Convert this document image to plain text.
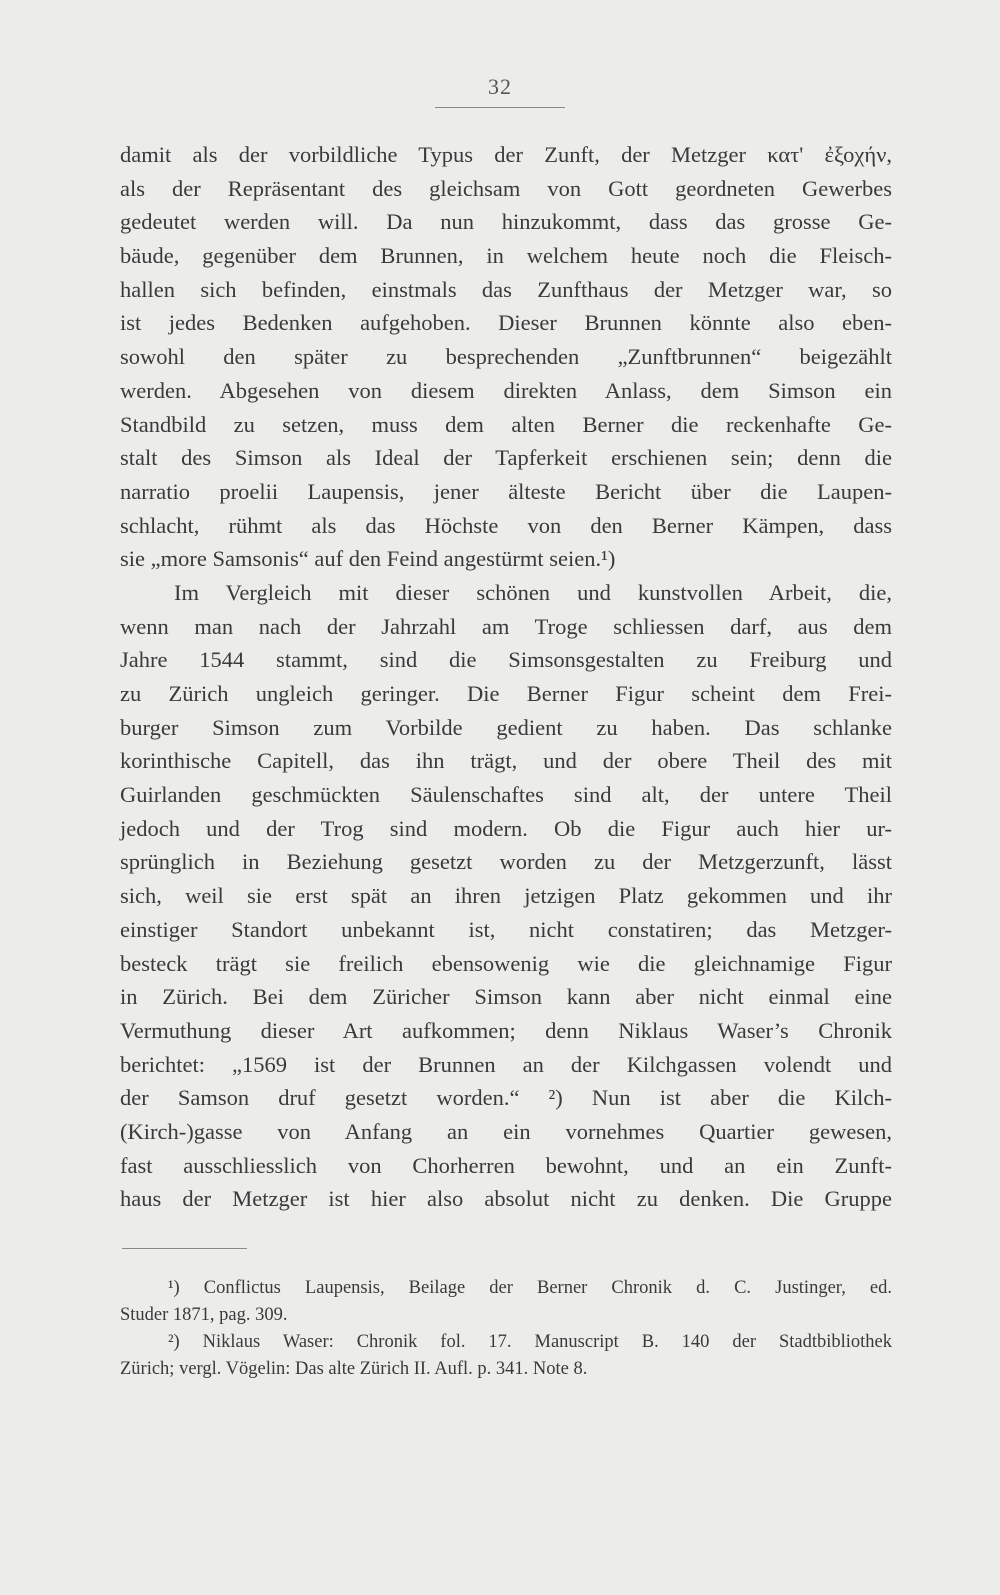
32
damit als der vorbildliche Typus der Zunft, der Metzger κατ' ἐξοχήν,
als der Repräsentant des gleichsam von Gott geordneten Gewerbes
gedeutet werden will. Da nun hinzukommt, dass das grosse Ge-
bäude, gegenüber dem Brunnen, in welchem heute noch die Fleisch-
hallen sich befinden, einstmals das Zunfthaus der Metzger war, so
ist jedes Bedenken aufgehoben. Dieser Brunnen könnte also eben-
sowohl den später zu besprechenden „Zunftbrunnen“ beigezählt
werden. Abgesehen von diesem direkten Anlass, dem Simson ein
Standbild zu setzen, muss dem alten Berner die reckenhafte Ge-
stalt des Simson als Ideal der Tapferkeit erschienen sein; denn die
narratio proelii Laupensis, jener älteste Bericht über die Laupen-
schlacht, rühmt als das Höchste von den Berner Kämpen, dass
sie „more Samsonis“ auf den Feind angestürmt seien.¹)
Im Vergleich mit dieser schönen und kunstvollen Arbeit, die,
wenn man nach der Jahrzahl am Troge schliessen darf, aus dem
Jahre 1544 stammt, sind die Simsonsgestalten zu Freiburg und
zu Zürich ungleich geringer. Die Berner Figur scheint dem Frei-
burger Simson zum Vorbilde gedient zu haben. Das schlanke
korinthische Capitell, das ihn trägt, und der obere Theil des mit
Guirlanden geschmückten Säulenschaftes sind alt, der untere Theil
jedoch und der Trog sind modern. Ob die Figur auch hier ur-
sprünglich in Beziehung gesetzt worden zu der Metzgerzunft, lässt
sich, weil sie erst spät an ihren jetzigen Platz gekommen und ihr
einstiger Standort unbekannt ist, nicht constatiren; das Metzger-
besteck trägt sie freilich ebensowenig wie die gleichnamige Figur
in Zürich. Bei dem Züricher Simson kann aber nicht einmal eine
Vermuthung dieser Art aufkommen; denn Niklaus Waser’s Chronik
berichtet: „1569 ist der Brunnen an der Kilchgassen volendt und
der Samson druf gesetzt worden.“ ²) Nun ist aber die Kilch-
(Kirch-)gasse von Anfang an ein vornehmes Quartier gewesen,
fast ausschliesslich von Chorherren bewohnt, und an ein Zunft-
haus der Metzger ist hier also absolut nicht zu denken. Die Gruppe
¹) Conflictus Laupensis, Beilage der Berner Chronik d. C. Justinger, ed.
Studer 1871, pag. 309.
²) Niklaus Waser: Chronik fol. 17. Manuscript B. 140 der Stadtbibliothek
Zürich; vergl. Vögelin: Das alte Zürich II. Aufl. p. 341. Note 8.
